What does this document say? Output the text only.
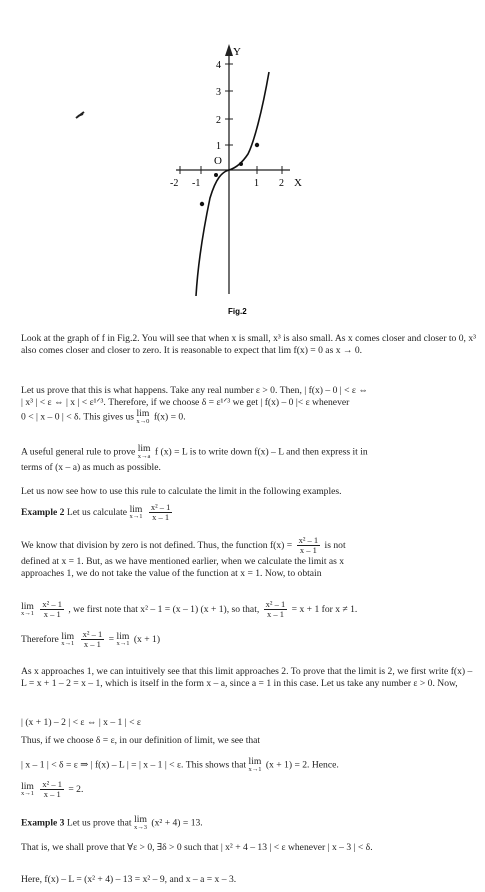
Y
X
O
1
2
3
4
-2 -1	1 2
Fig.2
Look at the graph of f in Fig.2. You will see that when x is small, x³ is also small. As x comes closer and closer to 0, x³ also comes closer and closer to zero. It is reasonable to expect that lim f(x) = 0 as x → 0.
Let us prove that this is what happens. Take any real number ε > 0. Then, | f(x) – 0 | < ε ⇔
| x³ | < ε ⇔ | x | < ε¹ᐟ³. Therefore, if we choose δ = ε¹ᐟ³ we get | f(x) – 0 |< ε whenever
0 < | x – 0 | < δ. This gives us lim
x→0 f(x) = 0.
A useful general rule to prove lim
x→a f (x) = L is to write down f(x) – L and then express it in
terms of (x – a) as much as possible.
Let us now see how to use this rule to calculate the limit in the following examples.
Example 2 Let us calculate lim
x→1
$\frac{\text{x² – 1}}{x - 1}$
We know that division by zero is not defined. Thus, the function $f(x) = \frac{\text{x² – 1}}{x - 1}$ is not
defined at x = 1. But, as we have mentioned earlier, when we calculate the limit as x
approaches 1, we do not take the value of the function at x = 1. Now, to obtain
lim
x→1
$\frac{\text{x² – 1}}{x - 1}$ , we first note that x² – 1 = (x – 1) (x + 1), so that, $\frac{\text{x² – 1}}{x - 1} = x + 1$ for x ≠ 1.
Therefore lim
x→1
$\frac{\text{x² – 1}}{x - 1} = \lim$
x→1 (x + 1)
As x approaches 1, we can intuitively see that this limit approaches 2. To prove that the limit is 2, we first write f(x) – L = x + 1 – 2 = x – 1, which is itself in the form x – a, since a = 1 in this case. Let us take any number ε > 0. Now,
| (x + 1) – 2 | < ε ⇔ | x – 1 | < ε
Thus, if we choose δ = ε, in our definition of limit, we see that
| x – 1 | < δ = ε ⇒ | f(x) – L | = | x – 1 | < ε. This shows that lim
x→1 (x + 1) = 2. Hence.
lim
x→1
$\frac{\text{x² – 1}}{x - 1} = 2$.
Example 3 Let us prove that lim
x→3 (x² + 4) = 13.
That is, we shall prove that ∀ε > 0, ∃δ > 0 such that | x² + 4 – 13 | < ε whenever | x – 3 | < δ.
Here, f(x) – L = (x² + 4) – 13 = x² – 9, and x – a = x – 3.
